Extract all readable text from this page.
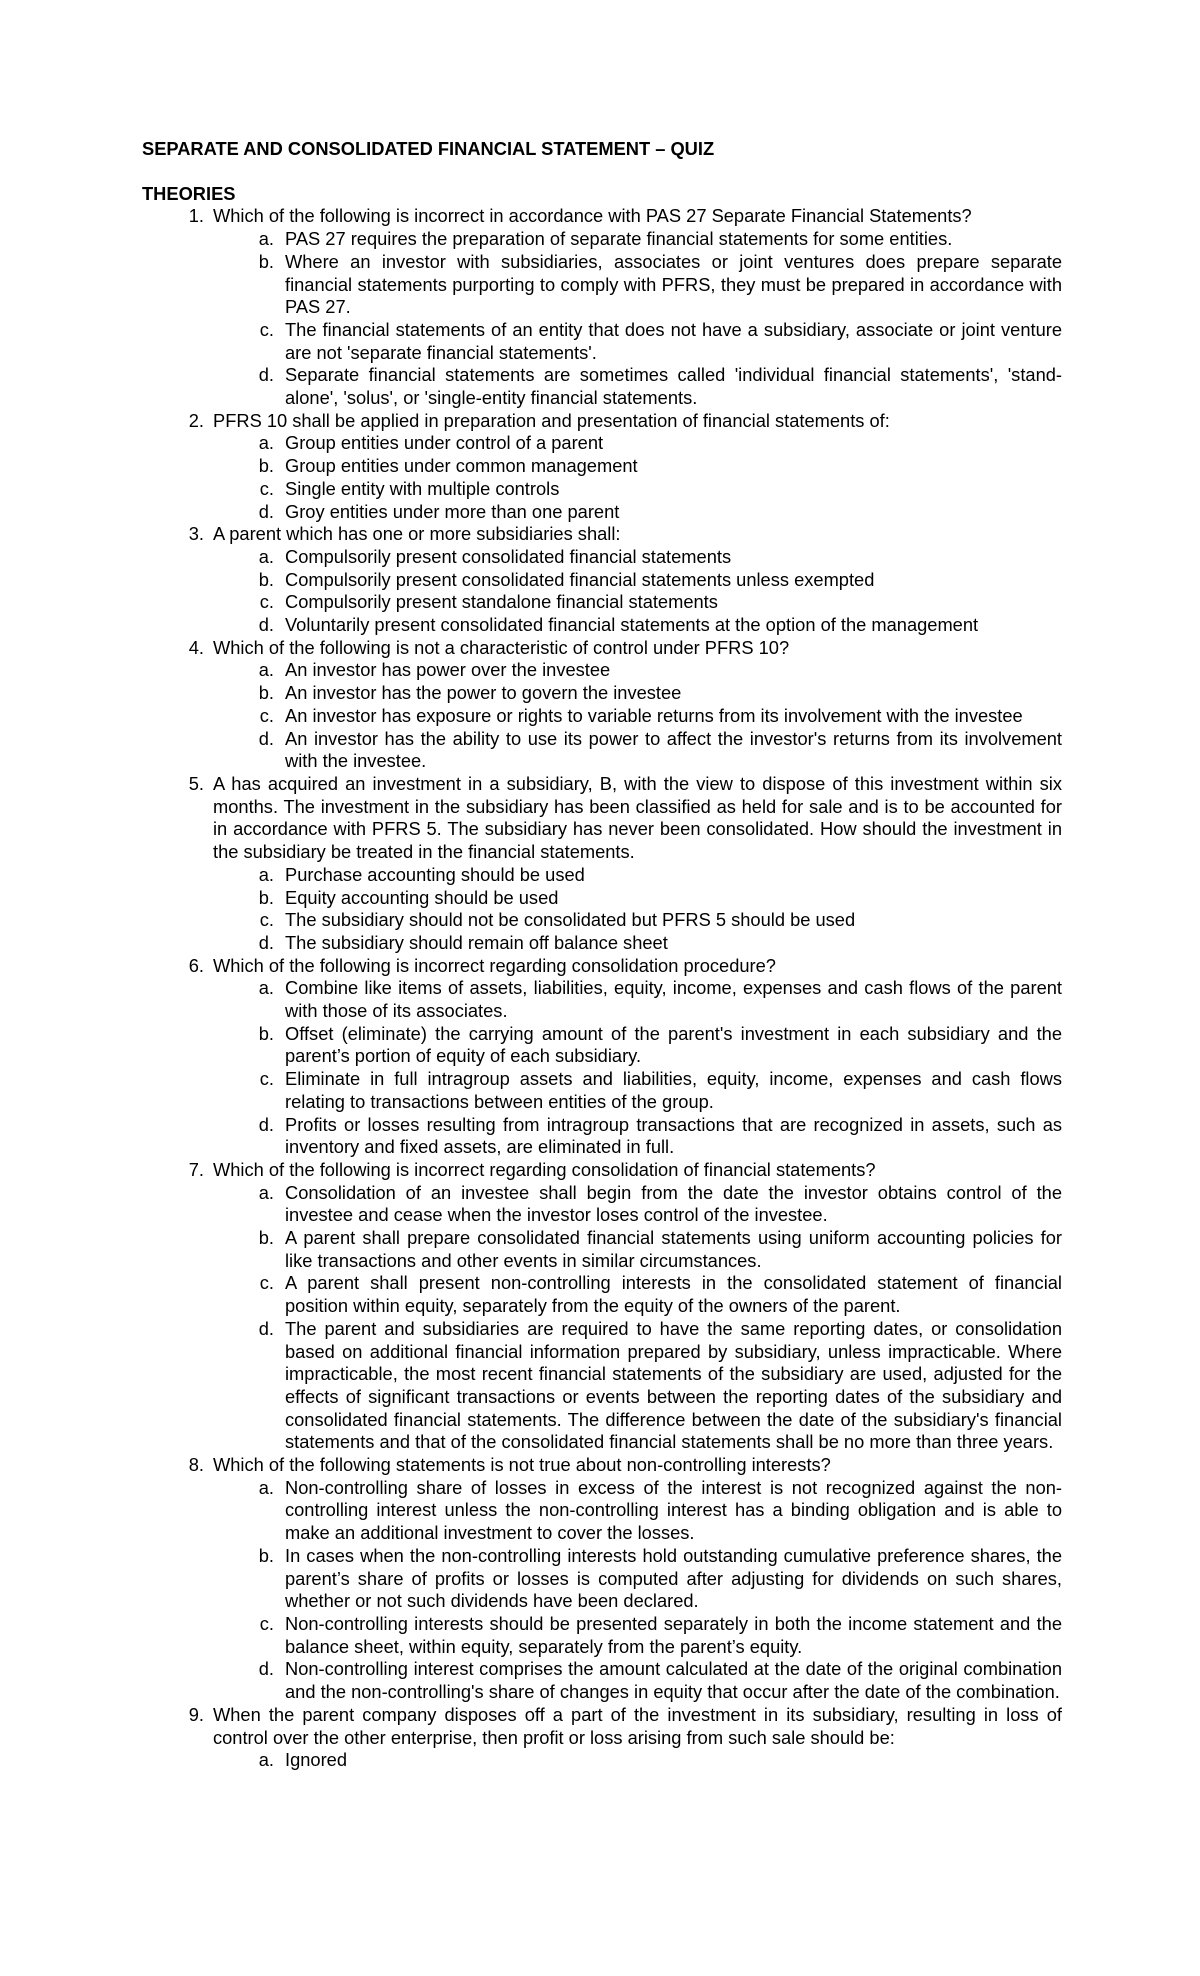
SEPARATE AND CONSOLIDATED FINANCIAL STATEMENT – QUIZ
THEORIES
1. Which of the following is incorrect in accordance with PAS 27 Separate Financial Statements?
a. PAS 27 requires the preparation of separate financial statements for some entities.
b. Where an investor with subsidiaries, associates or joint ventures does prepare separate financial statements purporting to comply with PFRS, they must be prepared in accordance with PAS 27.
c. The financial statements of an entity that does not have a subsidiary, associate or joint venture are not 'separate financial statements'.
d. Separate financial statements are sometimes called 'individual financial statements', 'stand-alone', 'solus', or 'single-entity financial statements.
2. PFRS 10 shall be applied in preparation and presentation of financial statements of:
a. Group entities under control of a parent
b. Group entities under common management
c. Single entity with multiple controls
d. Groy entities under more than one parent
3. A parent which has one or more subsidiaries shall:
a. Compulsorily present consolidated financial statements
b. Compulsorily present consolidated financial statements unless exempted
c. Compulsorily present standalone financial statements
d. Voluntarily present consolidated financial statements at the option of the management
4. Which of the following is not a characteristic of control under PFRS 10?
a. An investor has power over the investee
b. An investor has the power to govern the investee
c. An investor has exposure or rights to variable returns from its involvement with the investee
d. An investor has the ability to use its power to affect the investor's returns from its involvement with the investee.
5. A has acquired an investment in a subsidiary, B, with the view to dispose of this investment within six months. The investment in the subsidiary has been classified as held for sale and is to be accounted for in accordance with PFRS 5. The subsidiary has never been consolidated. How should the investment in the subsidiary be treated in the financial statements.
a. Purchase accounting should be used
b. Equity accounting should be used
c. The subsidiary should not be consolidated but PFRS 5 should be used
d. The subsidiary should remain off balance sheet
6. Which of the following is incorrect regarding consolidation procedure?
a. Combine like items of assets, liabilities, equity, income, expenses and cash flows of the parent with those of its associates.
b. Offset (eliminate) the carrying amount of the parent's investment in each subsidiary and the parent’s portion of equity of each subsidiary.
c. Eliminate in full intragroup assets and liabilities, equity, income, expenses and cash flows relating to transactions between entities of the group.
d. Profits or losses resulting from intragroup transactions that are recognized in assets, such as inventory and fixed assets, are eliminated in full.
7. Which of the following is incorrect regarding consolidation of financial statements?
a. Consolidation of an investee shall begin from the date the investor obtains control of the investee and cease when the investor loses control of the investee.
b. A parent shall prepare consolidated financial statements using uniform accounting policies for like transactions and other events in similar circumstances.
c. A parent shall present non-controlling interests in the consolidated statement of financial position within equity, separately from the equity of the owners of the parent.
d. The parent and subsidiaries are required to have the same reporting dates, or consolidation based on additional financial information prepared by subsidiary, unless impracticable. Where impracticable, the most recent financial statements of the subsidiary are used, adjusted for the effects of significant transactions or events between the reporting dates of the subsidiary and consolidated financial statements. The difference between the date of the subsidiary's financial statements and that of the consolidated financial statements shall be no more than three years.
8. Which of the following statements is not true about non-controlling interests?
a. Non-controlling share of losses in excess of the interest is not recognized against the non-controlling interest unless the non-controlling interest has a binding obligation and is able to make an additional investment to cover the losses.
b. In cases when the non-controlling interests hold outstanding cumulative preference shares, the parent’s share of profits or losses is computed after adjusting for dividends on such shares, whether or not such dividends have been declared.
c. Non-controlling interests should be presented separately in both the income statement and the balance sheet, within equity, separately from the parent’s equity.
d. Non-controlling interest comprises the amount calculated at the date of the original combination and the non-controlling's share of changes in equity that occur after the date of the combination.
9. When the parent company disposes off a part of the investment in its subsidiary, resulting in loss of control over the other enterprise, then profit or loss arising from such sale should be:
a. Ignored
